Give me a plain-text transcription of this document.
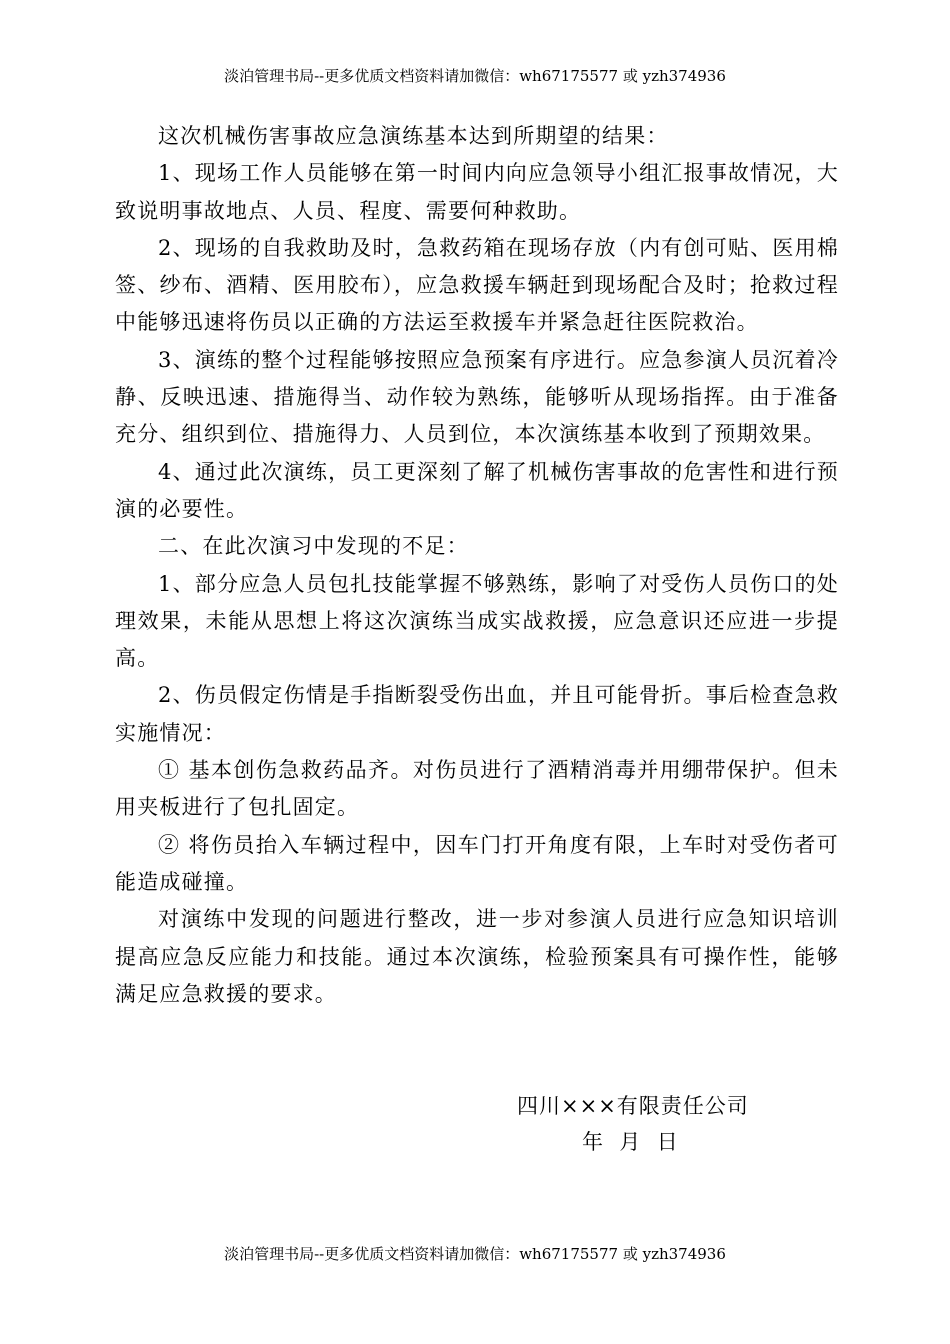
淡泊管理书局--更多优质文档资料请加微信：wh67175577 或 yzh374936

这次机械伤害事故应急演练基本达到所期望的结果：

1、现场工作人员能够在第一时间内向应急领导小组汇报事故情况，大致说明事故地点、人员、程度、需要何种救助。

2、现场的自我救助及时，急救药箱在现场存放（内有创可贴、医用棉签、纱布、酒精、医用胶布），应急救援车辆赶到现场配合及时；抢救过程中能够迅速将伤员以正确的方法运至救援车并紧急赶往医院救治。

3、演练的整个过程能够按照应急预案有序进行。应急参演人员沉着冷静、反映迅速、措施得当、动作较为熟练，能够听从现场指挥。由于准备充分、组织到位、措施得力、人员到位，本次演练基本收到了预期效果。

4、通过此次演练，员工更深刻了解了机械伤害事故的危害性和进行预演的必要性。

二、在此次演习中发现的不足：

1、部分应急人员包扎技能掌握不够熟练，影响了对受伤人员伤口的处理效果，未能从思想上将这次演练当成实战救援，应急意识还应进一步提高。

2、伤员假定伤情是手指断裂受伤出血，并且可能骨折。事后检查急救实施情况：

① 基本创伤急救药品齐。对伤员进行了酒精消毒并用绷带保护。但未用夹板进行了包扎固定。

② 将伤员抬入车辆过程中，因车门打开角度有限，上车时对受伤者可能造成碰撞。

对演练中发现的问题进行整改，进一步对参演人员进行应急知识培训提高应急反应能力和技能。通过本次演练，检验预案具有可操作性，能够满足应急救援的要求。

四川×××有限责任公司
年  月  日
淡泊管理书局--更多优质文档资料请加微信：wh67175577 或 yzh374936
